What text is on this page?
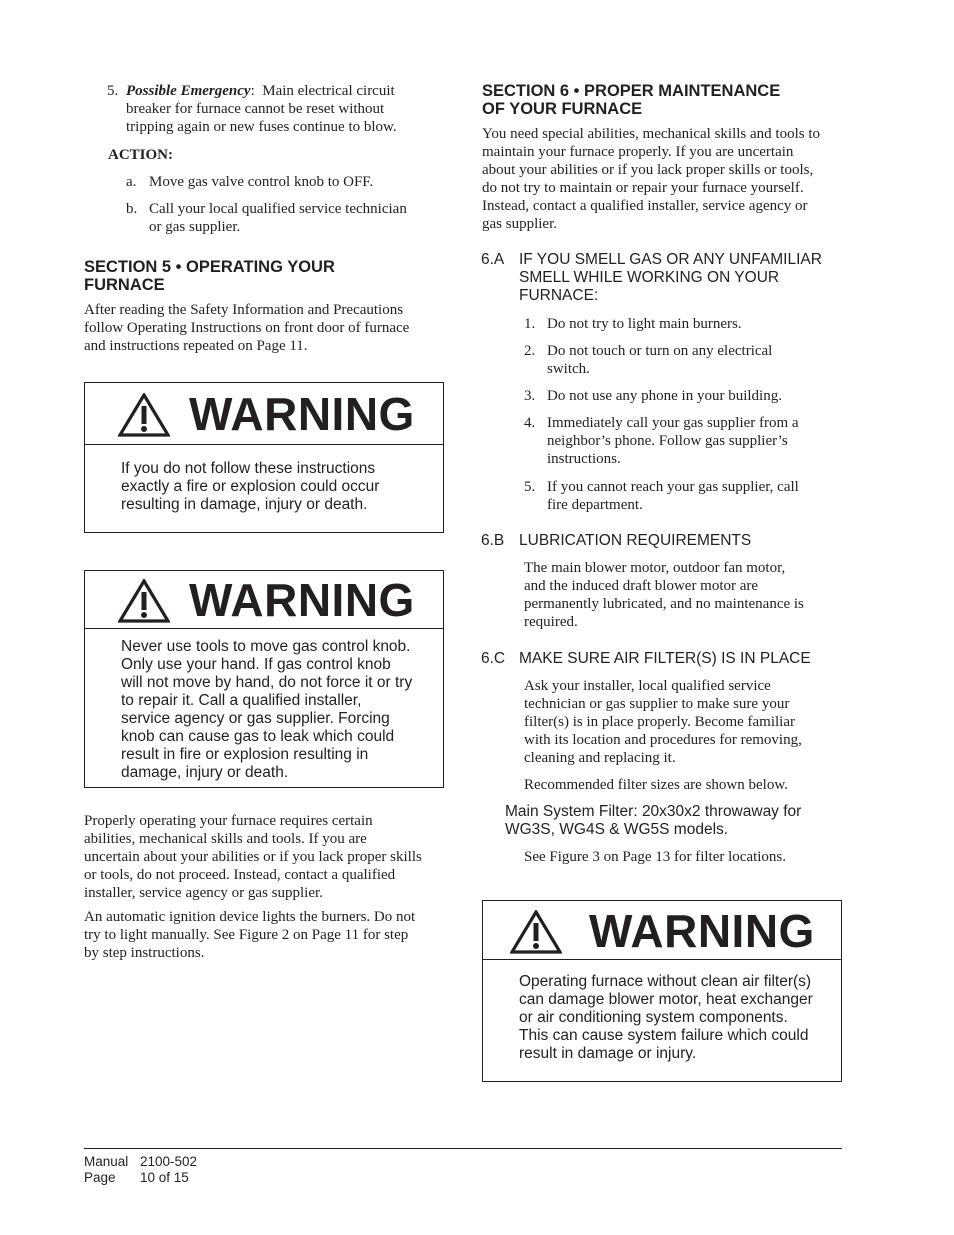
5. Possible Emergency:  Main electrical circuit
breaker for furnace cannot be reset without
tripping again or new fuses continue to blow.
ACTION:
a. Move gas valve control knob to OFF.
b. Call your local qualified service technician
or gas supplier.
SECTION 5 • OPERATING YOUR
FURNACE
After reading the Safety Information and Precautions
follow Operating Instructions on front door of furnace
and instructions repeated on Page 11.
WARNING
If you do not follow these instructions
exactly a fire or explosion could occur
resulting in damage, injury or death.
WARNING
Never use tools to move gas control knob.
Only use your hand. If gas control knob
will not move by hand, do not force it or try
to repair it. Call a qualified installer,
service agency or gas supplier. Forcing
knob can cause gas to leak which could
result in fire or explosion resulting in
damage, injury or death.
Properly operating your furnace requires certain
abilities, mechanical skills and tools. If you are
uncertain about your abilities or if you lack proper skills
or tools, do not proceed. Instead, contact a qualified
installer, service agency or gas supplier.
An automatic ignition device lights the burners. Do not
try to light manually. See Figure 2 on Page 11 for step
by step instructions.
SECTION 6 • PROPER MAINTENANCE
OF YOUR FURNACE
You need special abilities, mechanical skills and tools to
maintain your furnace properly. If you are uncertain
about your abilities or if you lack proper skills or tools,
do not try to maintain or repair your furnace yourself.
Instead, contact a qualified installer, service agency or
gas supplier.
6.A IF YOU SMELL GAS OR ANY UNFAMILIAR
SMELL WHILE WORKING ON YOUR
FURNACE:
1. Do not try to light main burners.
2. Do not touch or turn on any electrical
switch.
3. Do not use any phone in your building.
4. Immediately call your gas supplier from a
neighbor’s phone. Follow gas supplier’s
instructions.
5. If you cannot reach your gas supplier, call
fire department.
6.B LUBRICATION REQUIREMENTS
The main blower motor, outdoor fan motor,
and the induced draft blower motor are
permanently lubricated, and no maintenance is
required.
6.C MAKE SURE AIR FILTER(S) IS IN PLACE
Ask your installer, local qualified service
technician or gas supplier to make sure your
filter(s) is in place properly. Become familiar
with its location and procedures for removing,
cleaning and replacing it.
Recommended filter sizes are shown below.
Main System Filter: 20x30x2 throwaway for
WG3S, WG4S & WG5S models.
See Figure 3 on Page 13 for filter locations.
WARNING
Operating furnace without clean air filter(s)
can damage blower motor, heat exchanger
or air conditioning system components.
This can cause system failure which could
result in damage or injury.
Manual 2100-502
Page 10 of 15
